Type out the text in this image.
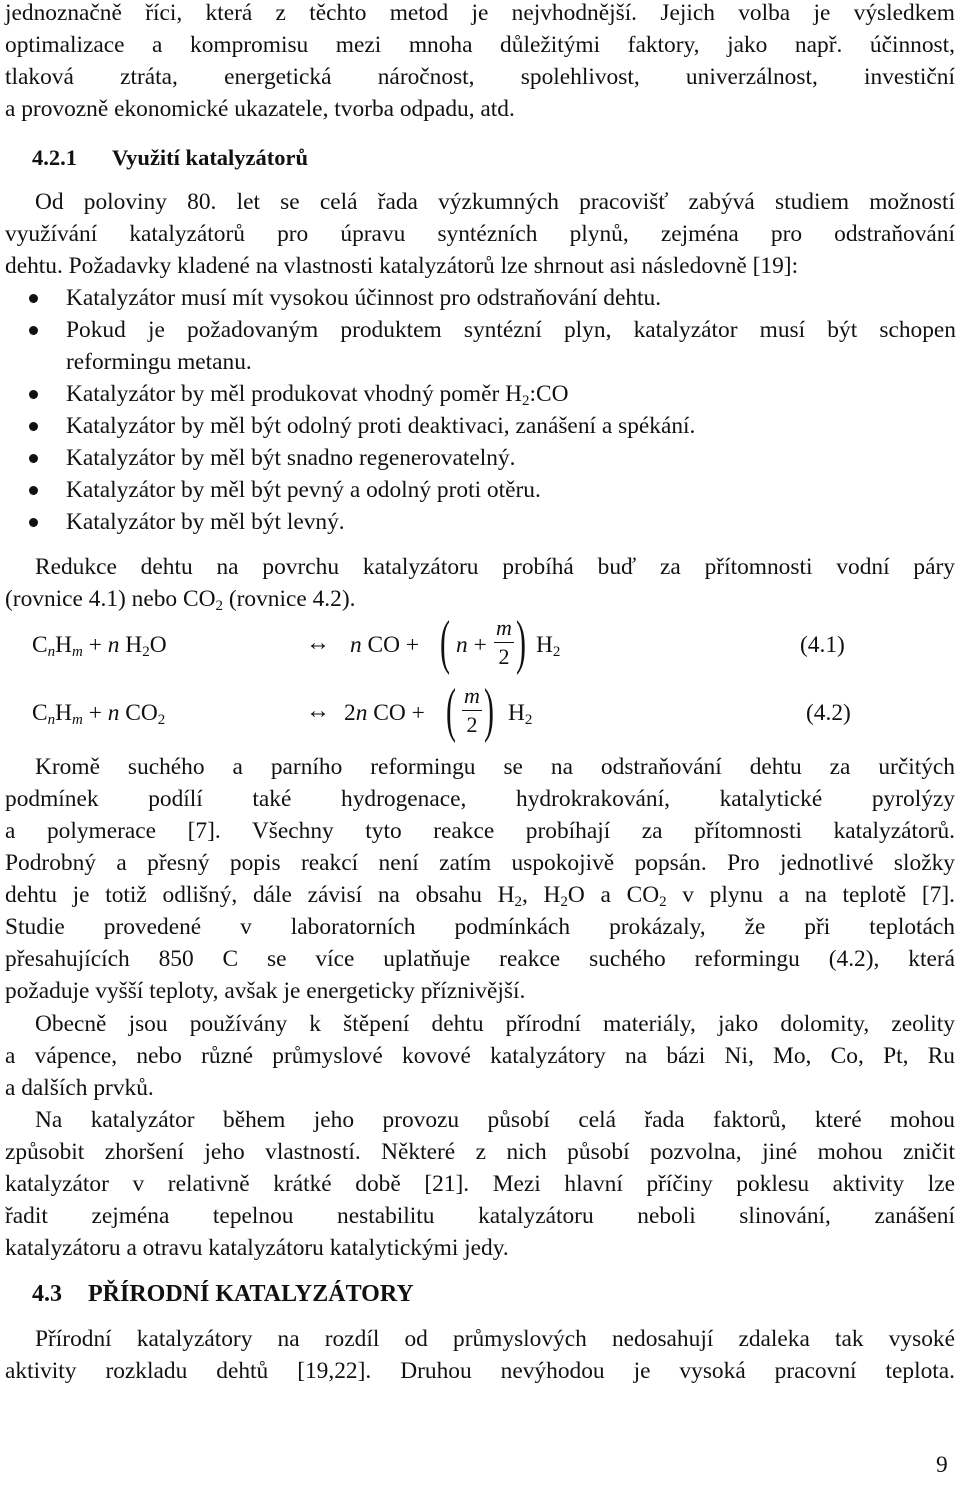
jednoznačně říci, která z těchto metod je nejvhodnější. Jejich volba je výsledkem
optimalizace a kompromisu mezi mnoha důležitými faktory, jako např. účinnost,
tlaková ztráta, energetická náročnost, spolehlivost, univerzálnost, investiční
a provozně ekonomické ukazatele, tvorba odpadu, atd.
4.2.1 Využití katalyzátorů
Od poloviny 80. let se celá řada výzkumných pracovišť zabývá studiem možností
využívání katalyzátorů pro úpravu syntézních plynů, zejména pro odstraňování
dehtu. Požadavky kladené na vlastnosti katalyzátorů lze shrnout asi následovně [19]:
Katalyzátor musí mít vysokou účinnost pro odstraňování dehtu.
Pokud je požadovaným produktem syntézní plyn, katalyzátor musí být schopen
reformingu metanu.
Katalyzátor by měl produkovat vhodný poměr $H_2:CO$
Katalyzátor by měl být odolný proti deaktivaci, zanášení a spékání.
Katalyzátor by měl být snadno regenerovatelný.
Katalyzátor by měl být pevný a odolný proti otěru.
Katalyzátor by měl být levný.
Redukce dehtu na povrchu katalyzátoru probíhá buď za přítomnosti vodní páry
(rovnice 4.1) nebo $CO_2$ (rovnice 4.2).
$C_nH_m + n$ $H_2O$	↔ n CO + ( n +
m
2 ) $H_2$	(4.1)
$C_nH_m + n$ $CO_2$	↔ 2n CO + ( m
2 ) $H_2$	(4.2)
Kromě suchého a parního reformingu se na odstraňování dehtu za určitých
podmínek podílí také hydrogenace, hydrokrakování, katalytické pyrolýzy
a polymerace [7]. Všechny tyto reakce probíhají za přítomnosti katalyzátorů.
Podrobný a přesný popis reakcí není zatím uspokojivě popsán. Pro jednotlivé složky
dehtu je totiž odlišný, dále závisí na obsahu $H_2$, $H_2O$ a $CO_2$ v plynu a na teplotě [7].
Studie provedené v laboratorních podmínkách prokázaly, že při teplotách
přesahujících 850 C se více uplatňuje reakce suchého reformingu (4.2), která
požaduje vyšší teploty, avšak je energeticky příznivější.
Obecně jsou používány k štěpení dehtu přírodní materiály, jako dolomity, zeolity
a vápence, nebo různé průmyslové kovové katalyzátory na bázi Ni, Mo, Co, Pt, Ru
a dalších prvků.
Na katalyzátor během jeho provozu působí celá řada faktorů, které mohou
způsobit zhoršení jeho vlastností. Některé z nich působí pozvolna, jiné mohou zničit
katalyzátor v relativně krátké době [21]. Mezi hlavní příčiny poklesu aktivity lze
řadit zejména tepelnou nestabilitu katalyzátoru neboli slinování, zanášení
katalyzátoru a otravu katalyzátoru katalytickými jedy.
4.3 PŘÍRODNÍ KATALYZÁTORY
Přírodní katalyzátory na rozdíl od průmyslových nedosahují zdaleka tak vysoké
aktivity rozkladu dehtů [19,22]. Druhou nevýhodou je vysoká pracovní teplota.
9
